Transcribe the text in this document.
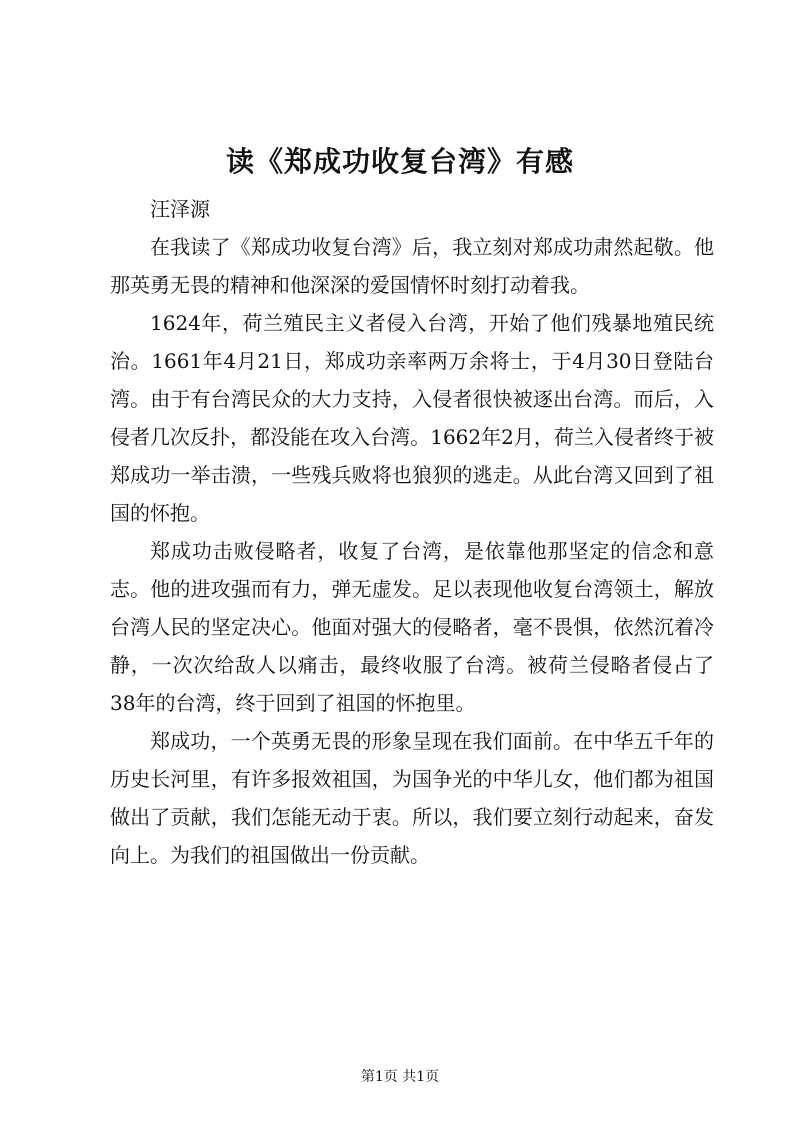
读《郑成功收复台湾》有感

汪泽源

在我读了《郑成功收复台湾》后，我立刻对郑成功肃然起敬。他那英勇无畏的精神和他深深的爱国情怀时刻打动着我。

1624年，荷兰殖民主义者侵入台湾，开始了他们残暴地殖民统治。1661年4月21日，郑成功亲率两万余将士，于4月30日登陆台湾。由于有台湾民众的大力支持，入侵者很快被逐出台湾。而后，入侵者几次反扑，都没能在攻入台湾。1662年2月，荷兰入侵者终于被郑成功一举击溃，一些残兵败将也狼狈的逃走。从此台湾又回到了祖国的怀抱。

郑成功击败侵略者，收复了台湾，是依靠他那坚定的信念和意志。他的进攻强而有力，弹无虚发。足以表现他收复台湾领土，解放台湾人民的坚定决心。他面对强大的侵略者，毫不畏惧，依然沉着冷静，一次次给敌人以痛击，最终收服了台湾。被荷兰侵略者侵占了38年的台湾，终于回到了祖国的怀抱里。

郑成功，一个英勇无畏的形象呈现在我们面前。在中华五千年的历史长河里，有许多报效祖国，为国争光的中华儿女，他们都为祖国做出了贡献，我们怎能无动于衷。所以，我们要立刻行动起来，奋发向上。为我们的祖国做出一份贡献。

第1页 共1页
